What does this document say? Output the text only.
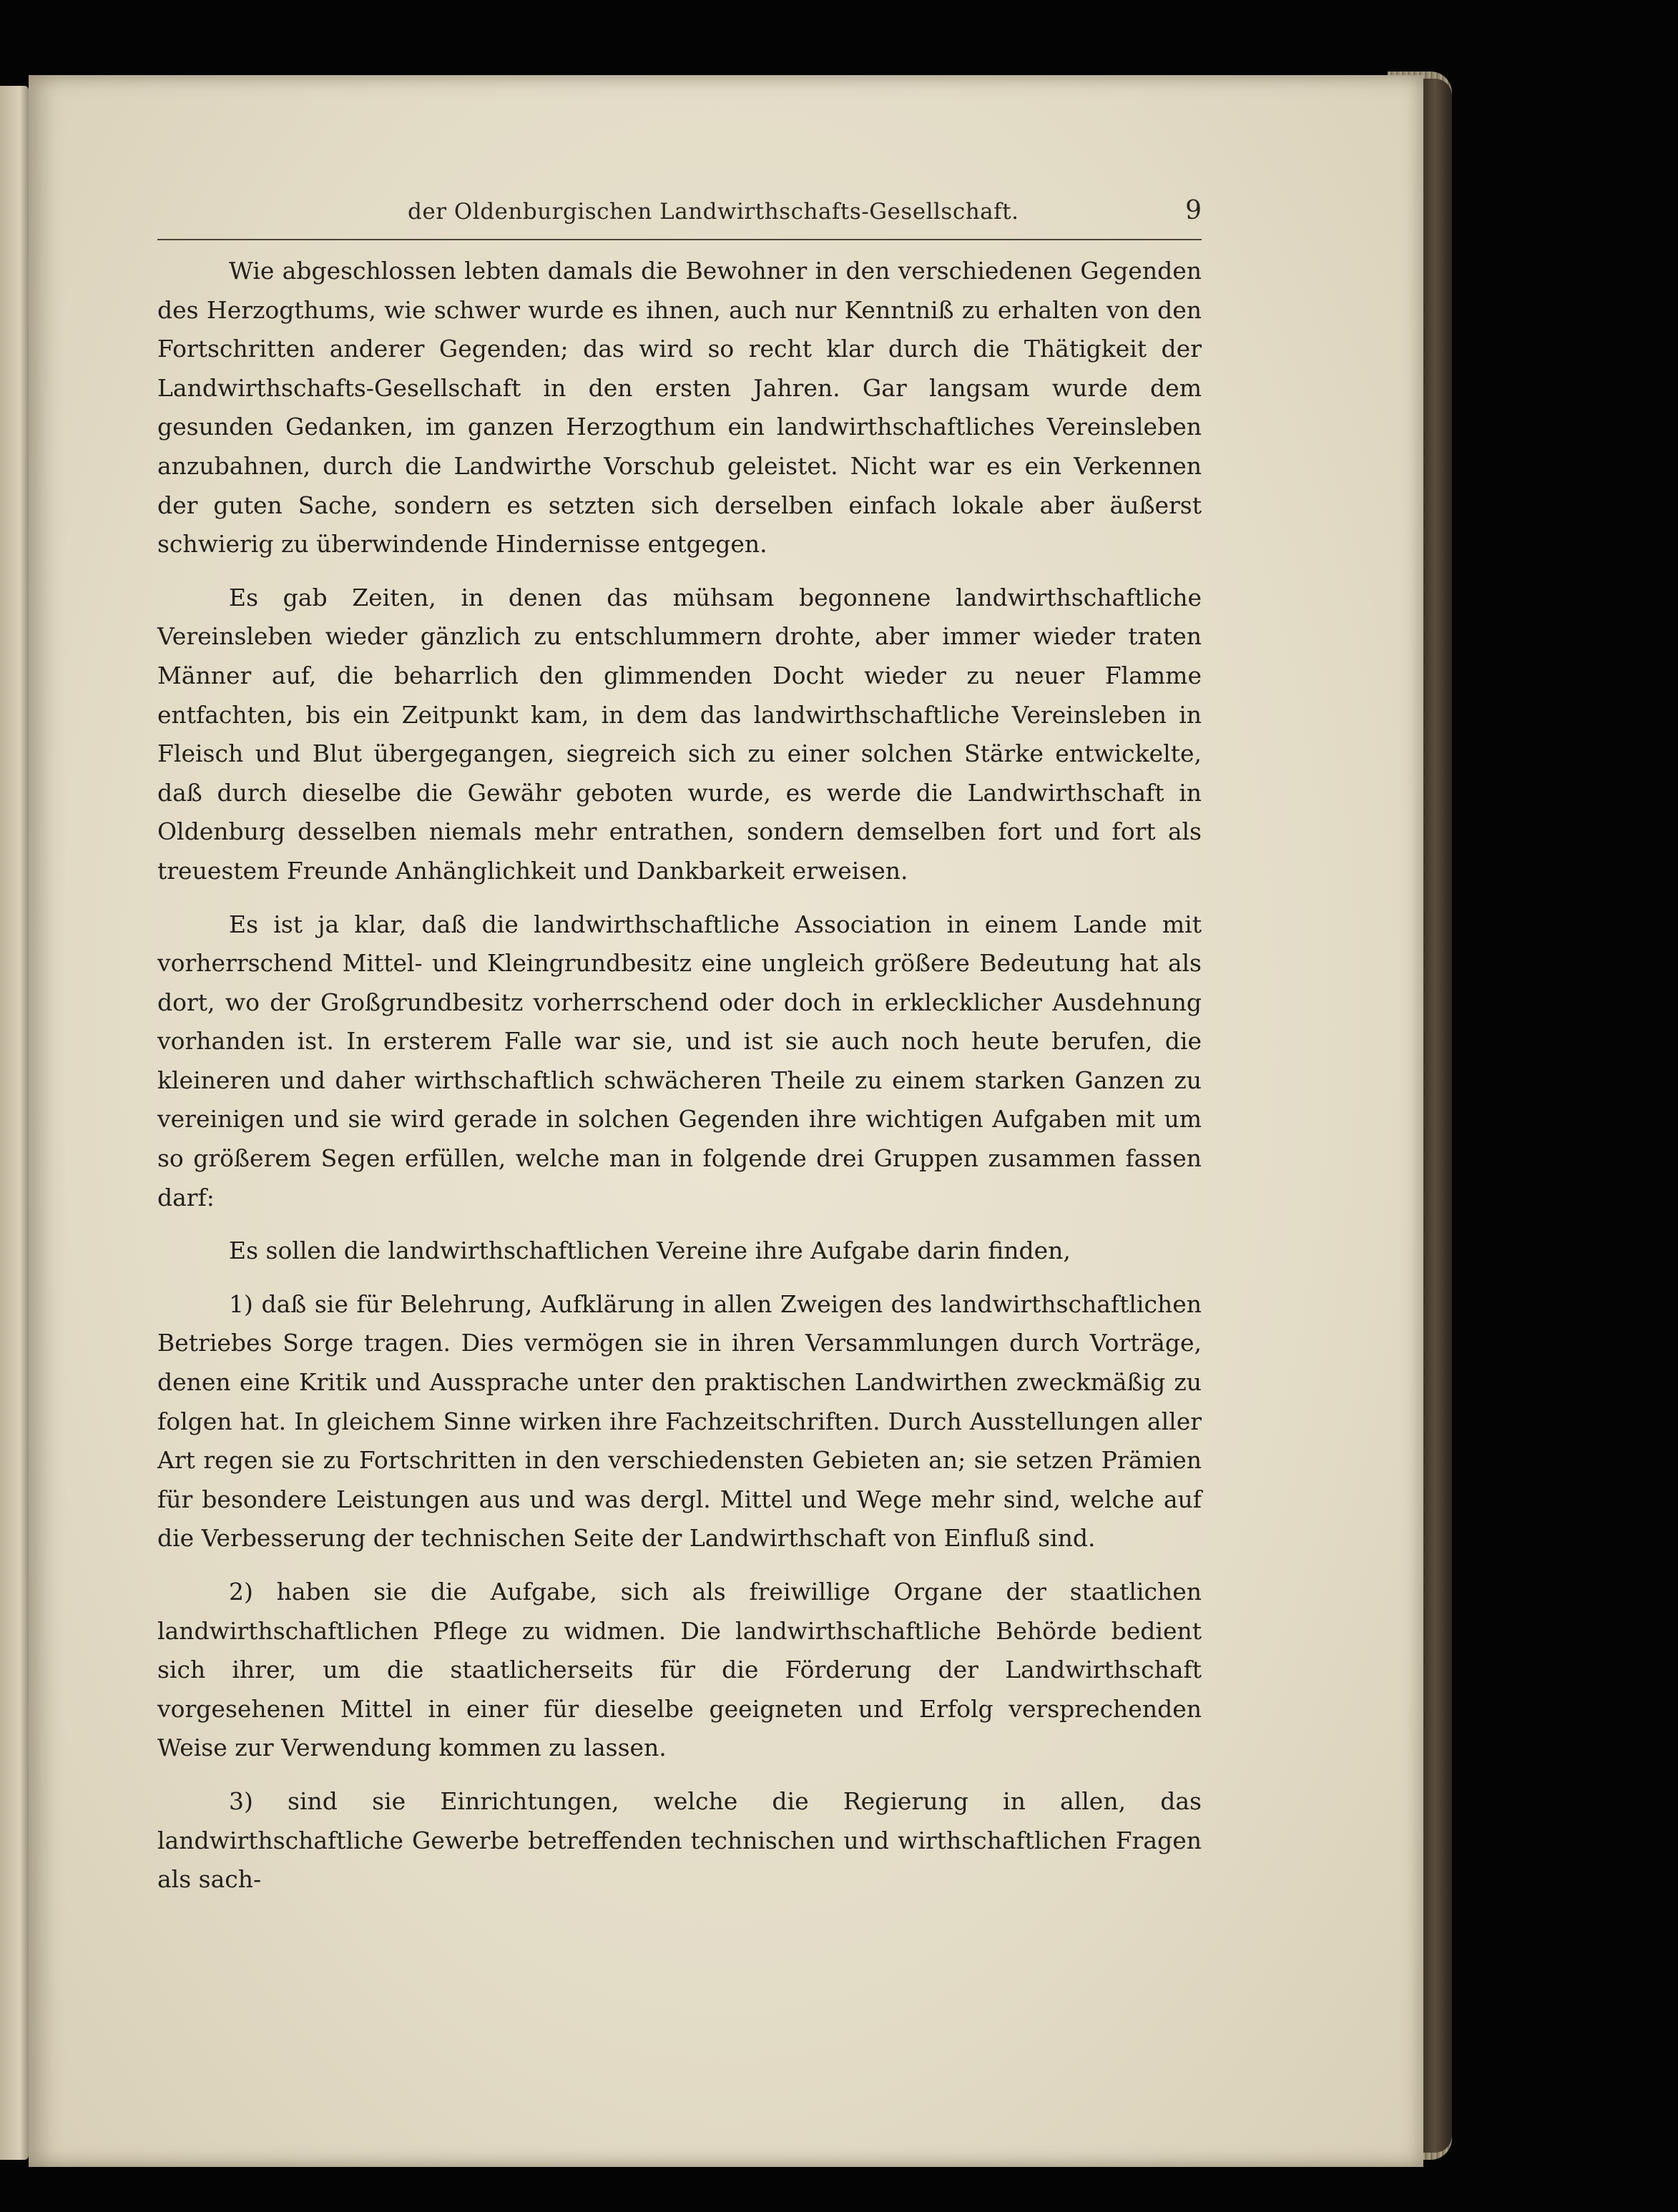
der Oldenburgischen Landwirthschafts-Gesellschaft.	9

Wie abgeschlossen lebten damals die Bewohner in den verschiedenen Gegenden des Herzogthums, wie schwer wurde es ihnen, auch nur Kenntniß zu erhalten von den Fortschritten anderer Gegenden; das wird so recht klar durch die Thätigkeit der Landwirthschafts-Gesellschaft in den ersten Jahren. Gar langsam wurde dem gesunden Gedanken, im ganzen Herzogthum ein landwirthschaftliches Vereinsleben anzubahnen, durch die Landwirthe Vorschub geleistet. Nicht war es ein Verkennen der guten Sache, sondern es setzten sich derselben einfach lokale aber äußerst schwierig zu überwindende Hindernisse entgegen.

Es gab Zeiten, in denen das mühsam begonnene landwirthschaftliche Vereinsleben wieder gänzlich zu entschlummern drohte, aber immer wieder traten Männer auf, die beharrlich den glimmenden Docht wieder zu neuer Flamme entfachten, bis ein Zeitpunkt kam, in dem das landwirthschaftliche Vereinsleben in Fleisch und Blut übergegangen, siegreich sich zu einer solchen Stärke entwickelte, daß durch dieselbe die Gewähr geboten wurde, es werde die Landwirthschaft in Oldenburg desselben niemals mehr entrathen, sondern demselben fort und fort als treuestem Freunde Anhänglichkeit und Dankbarkeit erweisen.

Es ist ja klar, daß die landwirthschaftliche Association in einem Lande mit vorherrschend Mittel- und Kleingrundbesitz eine ungleich größere Bedeutung hat als dort, wo der Großgrundbesitz vorherrschend oder doch in erklecklicher Ausdehnung vorhanden ist. In ersterem Falle war sie, und ist sie auch noch heute berufen, die kleineren und daher wirthschaftlich schwächeren Theile zu einem starken Ganzen zu vereinigen und sie wird gerade in solchen Gegenden ihre wichtigen Aufgaben mit um so größerem Segen erfüllen, welche man in folgende drei Gruppen zusammen fassen darf:

Es sollen die landwirthschaftlichen Vereine ihre Aufgabe darin finden,

1) daß sie für Belehrung, Aufklärung in allen Zweigen des landwirthschaftlichen Betriebes Sorge tragen. Dies vermögen sie in ihren Versammlungen durch Vorträge, denen eine Kritik und Aussprache unter den praktischen Landwirthen zweckmäßig zu folgen hat. In gleichem Sinne wirken ihre Fachzeitschriften. Durch Ausstellungen aller Art regen sie zu Fortschritten in den verschiedensten Gebieten an; sie setzen Prämien für besondere Leistungen aus und was dergl. Mittel und Wege mehr sind, welche auf die Verbesserung der technischen Seite der Landwirthschaft von Einfluß sind.

2) haben sie die Aufgabe, sich als freiwillige Organe der staatlichen landwirthschaftlichen Pflege zu widmen. Die landwirthschaftliche Behörde bedient sich ihrer, um die staatlicherseits für die Förderung der Landwirthschaft vorgesehenen Mittel in einer für dieselbe geeigneten und Erfolg versprechenden Weise zur Verwendung kommen zu lassen.

3) sind sie Einrichtungen, welche die Regierung in allen, das landwirthschaftliche Gewerbe betreffenden technischen und wirthschaftlichen Fragen als sach-
